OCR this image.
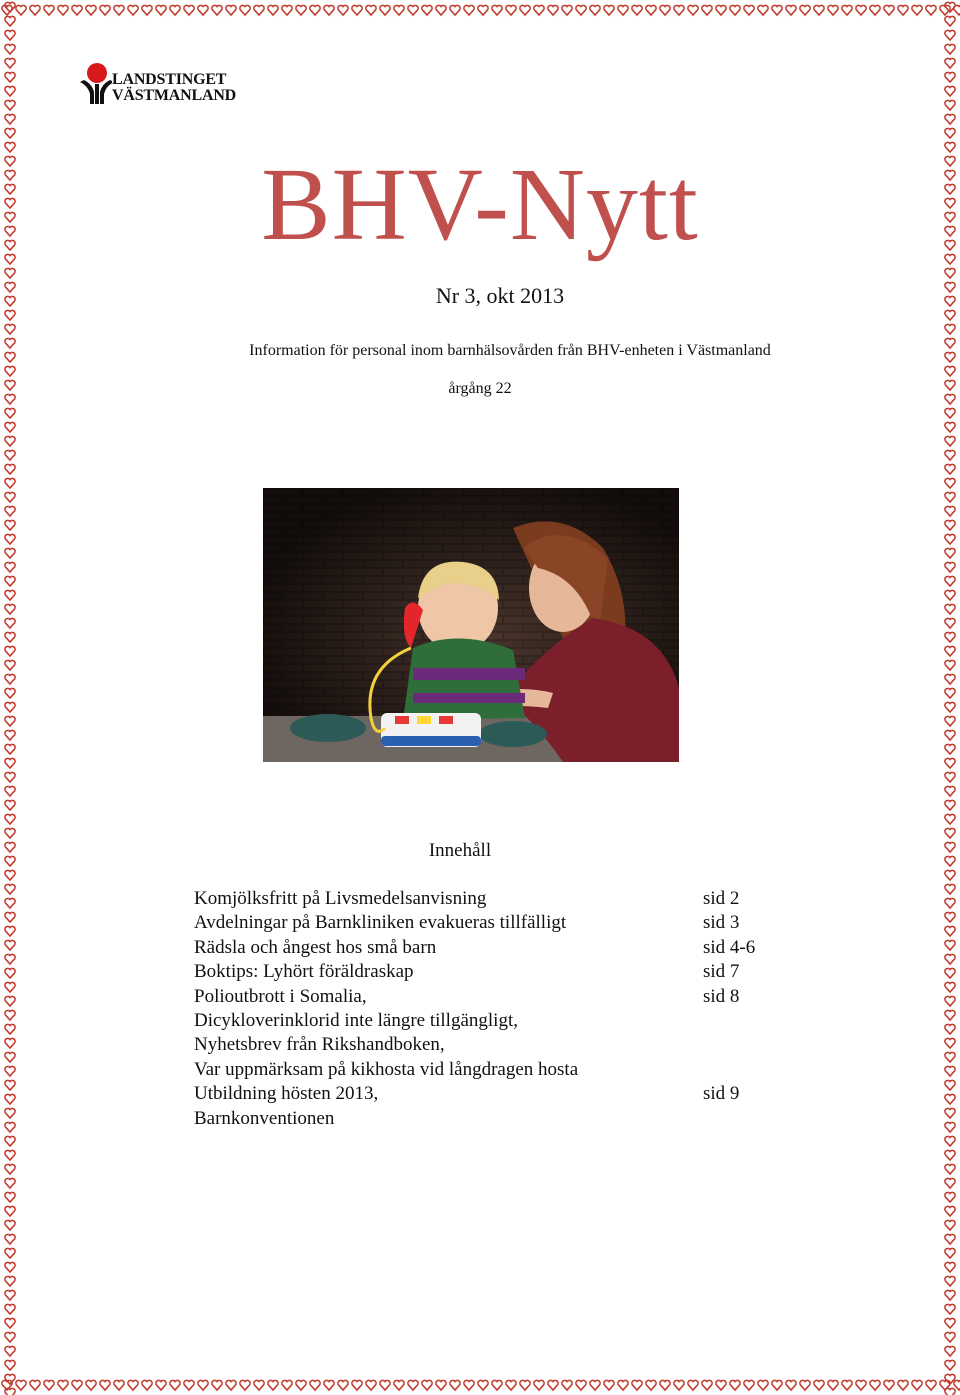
LANDSTINGET
VÄSTMANLAND
BHV-Nytt
Nr 3, okt 2013
Information för personal inom barnhälsovården från BHV-enheten i Västmanland
årgång 22
Innehåll
Komjölksfritt på Livsmedelsanvisning	sid 2
Avdelningar på Barnkliniken evakueras tillfälligt	sid 3
Rädsla och ångest hos små barn	sid 4-6
Boktips: Lyhört föräldraskap	sid 7
Polioutbrott i Somalia,	sid 8
Dicykloverinklorid inte längre tillgängligt,
Nyhetsbrev från Rikshandboken,
Var uppmärksam på kikhosta vid långdragen hosta
Utbildning hösten 2013,	sid 9
Barnkonventionen
